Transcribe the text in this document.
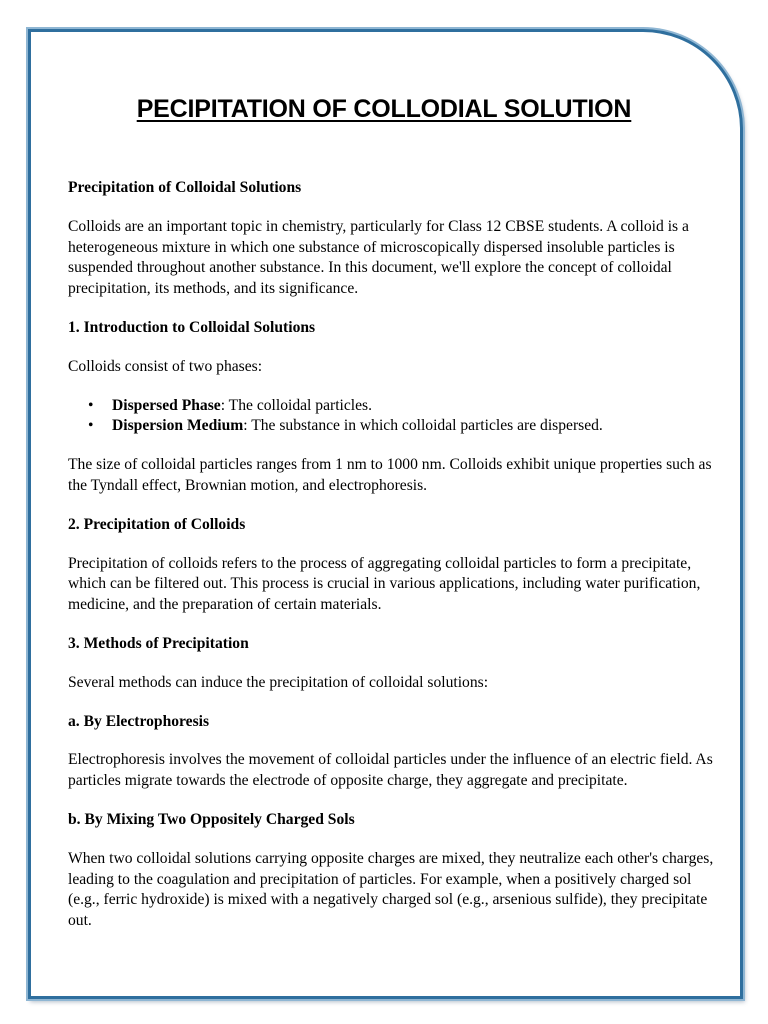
PECIPITATION OF COLLODIAL SOLUTION
Precipitation of Colloidal Solutions

Colloids are an important topic in chemistry, particularly for Class 12 CBSE students. A colloid is a heterogeneous mixture in which one substance of microscopically dispersed insoluble particles is suspended throughout another substance. In this document, we'll explore the concept of colloidal precipitation, its methods, and its significance.

1. Introduction to Colloidal Solutions

Colloids consist of two phases:

• Dispersed Phase: The colloidal particles.
• Dispersion Medium: The substance in which colloidal particles are dispersed.

The size of colloidal particles ranges from 1 nm to 1000 nm. Colloids exhibit unique properties such as the Tyndall effect, Brownian motion, and electrophoresis.

2. Precipitation of Colloids

Precipitation of colloids refers to the process of aggregating colloidal particles to form a precipitate, which can be filtered out. This process is crucial in various applications, including water purification, medicine, and the preparation of certain materials.

3. Methods of Precipitation

Several methods can induce the precipitation of colloidal solutions:

a. By Electrophoresis

Electrophoresis involves the movement of colloidal particles under the influence of an electric field. As particles migrate towards the electrode of opposite charge, they aggregate and precipitate.

b. By Mixing Two Oppositely Charged Sols

When two colloidal solutions carrying opposite charges are mixed, they neutralize each other's charges, leading to the coagulation and precipitation of particles. For example, when a positively charged sol (e.g., ferric hydroxide) is mixed with a negatively charged sol (e.g., arsenious sulfide), they precipitate out.
